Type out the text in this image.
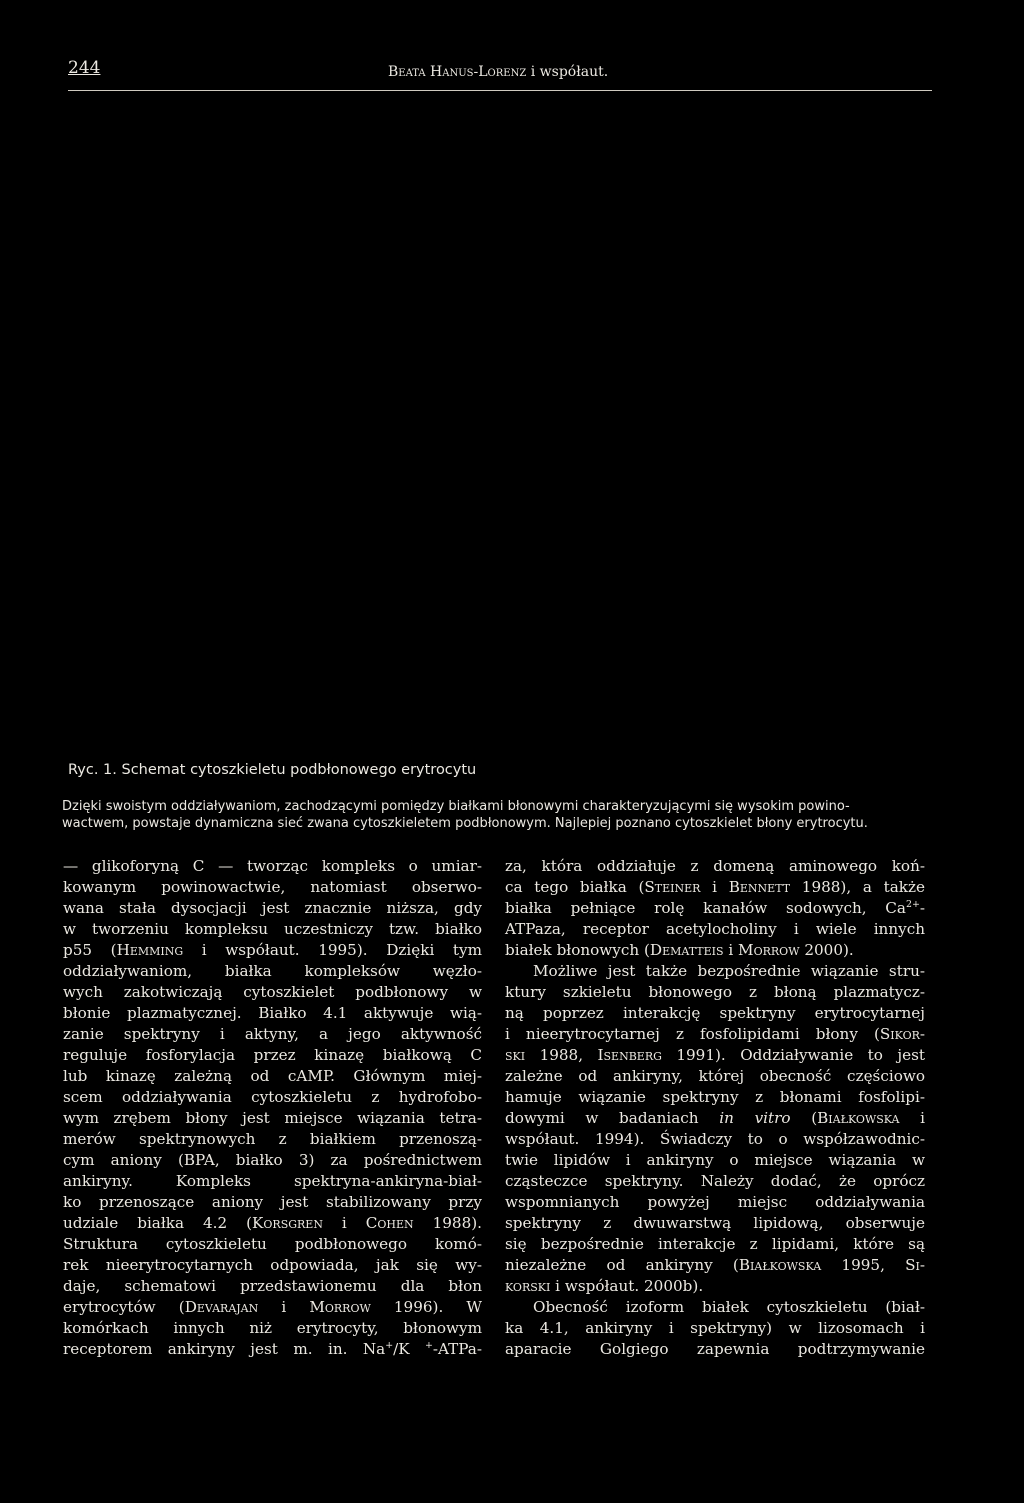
244	Beata Hanus-Lorenz i współaut.
Ryc. 1. Schemat cytoszkieletu podbłonowego erytrocytu
Dzięki swoistym oddziaływaniom, zachodzącymi pomiędzy białkami błonowymi charakteryzującymi się wysokim powino-
wactwem, powstaje dynamiczna sieć zwana cytoszkieletem podbłonowym. Najlepiej poznano cytoszkielet błony erytrocytu.
— glikoforyną C — tworząc kompleks o umiar-
kowanym powinowactwie, natomiast obserwo-
wana stała dysocjacji jest znacznie niższa, gdy
w tworzeniu kompleksu uczestniczy tzw. białko
p55 (Hemming i współaut. 1995). Dzięki tym
oddziaływaniom, białka kompleksów węzło-
wych zakotwiczają cytoszkielet podbłonowy w
błonie plazmatycznej. Białko 4.1 aktywuje wią-
zanie spektryny i aktyny, a jego aktywność
reguluje fosforylacja przez kinazę białkową C
lub kinazę zależną od cAMP. Głównym miej-
scem oddziaływania cytoszkieletu z hydrofobo-
wym zrębem błony jest miejsce wiązania tetra-
merów spektrynowych z białkiem przenoszą-
cym aniony (BPA, białko 3) za pośrednictwem
ankiryny. Kompleks spektryna-ankiryna-biał-
ko przenoszące aniony jest stabilizowany przy
udziale białka 4.2 (Korsgren i Cohen 1988).
Struktura cytoszkieletu podbłonowego komó-
rek nieerytrocytarnych odpowiada, jak się wy-
daje, schematowi przedstawionemu dla błon
erytrocytów (Devarajan i Morrow 1996). W
komórkach innych niż erytrocyty, błonowym
receptorem ankiryny jest m. in. Na+/K +-ATPa-
za, która oddziałuje z domeną aminowego koń-
ca tego białka (Steiner i Bennett 1988), a także
białka pełniące rolę kanałów sodowych, $Ca^{2+}-$
ATPaza, receptor acetylocholiny i wiele innych
białek błonowych (Dematteis i Morrow 2000).
Możliwe jest także bezpośrednie wiązanie stru-
ktury szkieletu błonowego z błoną plazmatycz-
ną poprzez interakcję spektryny erytrocytarnej
i nieerytrocytarnej z fosfolipidami błony (Sikor-
ski 1988, Isenberg 1991). Oddziaływanie to jest
zależne od ankiryny, której obecność częściowo
hamuje wiązanie spektryny z błonami fosfolipi-
dowymi w badaniach in vitro (Białkowska i
współaut. 1994). Świadczy to o współzawodnic-
twie lipidów i ankiryny o miejsce wiązania w
cząsteczce spektryny. Należy dodać, że oprócz
wspomnianych powyżej miejsc oddziaływania
spektryny z dwuwarstwą lipidową, obserwuje
się bezpośrednie interakcje z lipidami, które są
niezależne od ankiryny (Białkowska 1995, Si-
korski i współaut. 2000b).
Obecność izoform białek cytoszkieletu (biał-
ka 4.1, ankiryny i spektryny) w lizosomach i
aparacie Golgiego zapewnia podtrzymywanie
